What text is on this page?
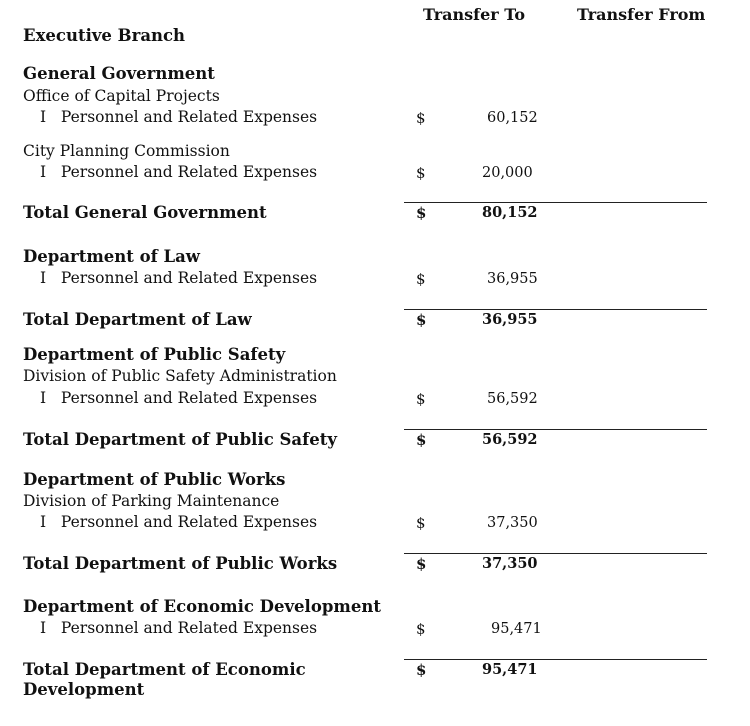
Transfer To	Transfer From
Executive Branch
General Government
Office of Capital Projects
I   Personnel and Related Expenses	$	60,152
City Planning Commission
I   Personnel and Related Expenses	$	20,000
Total General Government	$	80,152
Department of Law
I   Personnel and Related Expenses	$	36,955
Total Department of Law	$	36,955
Department of Public Safety
Division of Public Safety Administration
I   Personnel and Related Expenses	$	56,592
Total Department of Public Safety	$	56,592
Department of Public Works
Division of Parking Maintenance
I   Personnel and Related Expenses	$	37,350
Total Department of Public Works	$	37,350
Department of Economic Development
I   Personnel and Related Expenses	$	95,471
Total Department of Economic
Development
$	95,471
